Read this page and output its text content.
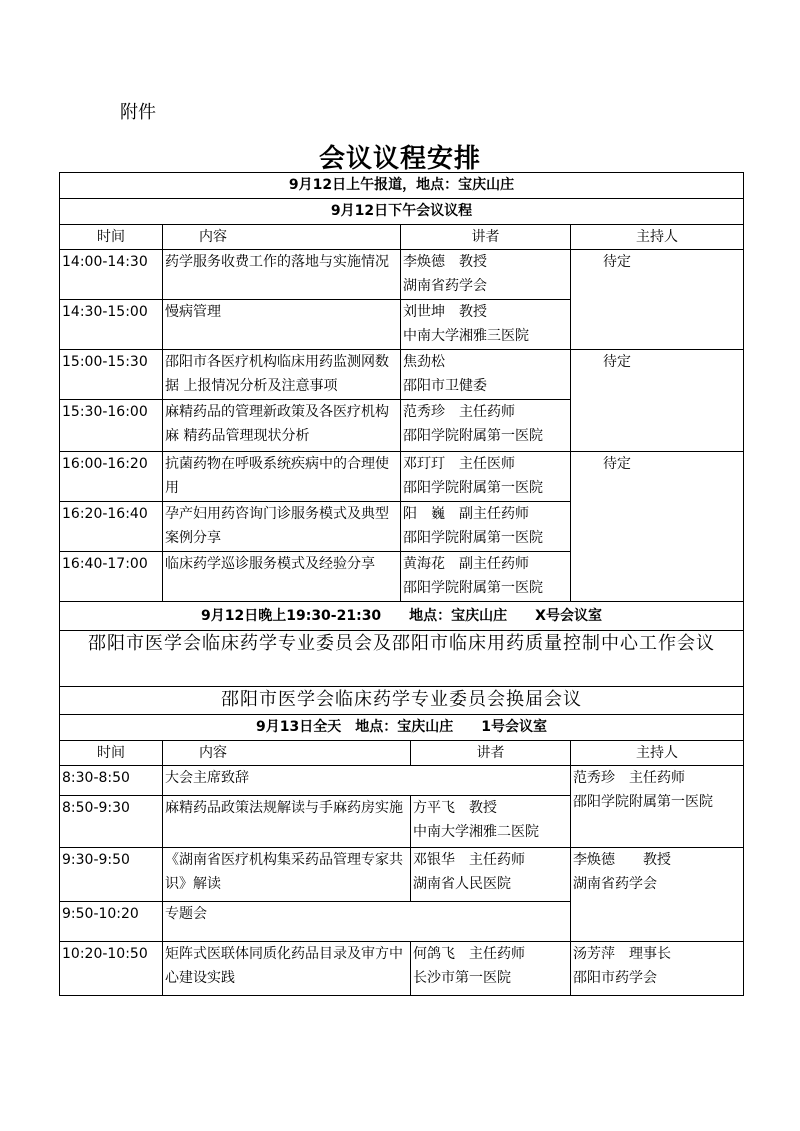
附件
会议议程安排
9月12日上午报道，地点：宝庆山庄				
9月12日下午会议议程				
时间	内容	讲者		主持人
14:00-14:30	药学服务收费工作的落地与实施情况	李焕德　教授
湖南省药学会		待定
14:30-15:00	慢病管理	刘世坤　教授
中南大学湘雅三医院		

15:00-15:30	邵阳市各医疗机构临床用药监测网数据 上报情况分析及注意事项	焦劲松
邵阳市卫健委		待定
15:30-16:00	麻精药品的管理新政策及各医疗机构麻 精药品管理现状分析	范秀珍　主任药师
邵阳学院附属第一医院		

16:00-16:20	抗菌药物在呼吸系统疾病中的合理使用	邓玎玎　主任医师
邵阳学院附属第一医院		待定
16:20-16:40	孕产妇用药咨询门诊服务模式及典型案例分享	阳　巍　副主任药师
邵阳学院附属第一医院		

16:40-17:00	临床药学巡诊服务模式及经验分享	黄海花　副主任药师
邵阳学院附属第一医院		

9月12日晚上19:30-21:30　　地点：宝庆山庄　　X号会议室				
邵阳市医学会临床药学专业委员会及邵阳市临床用药质量控制中心工作会议				
邵阳市医学会临床药学专业委员会换届会议				
9月13日全天　地点：宝庆山庄　　1号会议室				
时间	内容		讲者	主持人
8:30-8:50	大会主席致辞			范秀珍　主任药师
邵阳学院附属第一医院

8:50-9:30	麻精药品政策法规解读与手麻药房实施		方平飞　教授
中南大学湘雅二医院	

9:30-9:50	《湖南省医疗机构集采药品管理专家共识》解读		邓银华　主任药师
湖南省人民医院	李焕德　　教授
湖南省药学会

9:50-10:20	专题会			
10:20-10:50	矩阵式医联体同质化药品目录及审方中心建设实践		何鸽飞　主任药师
长沙市第一医院	汤芳萍　理事长
邵阳市药学会
